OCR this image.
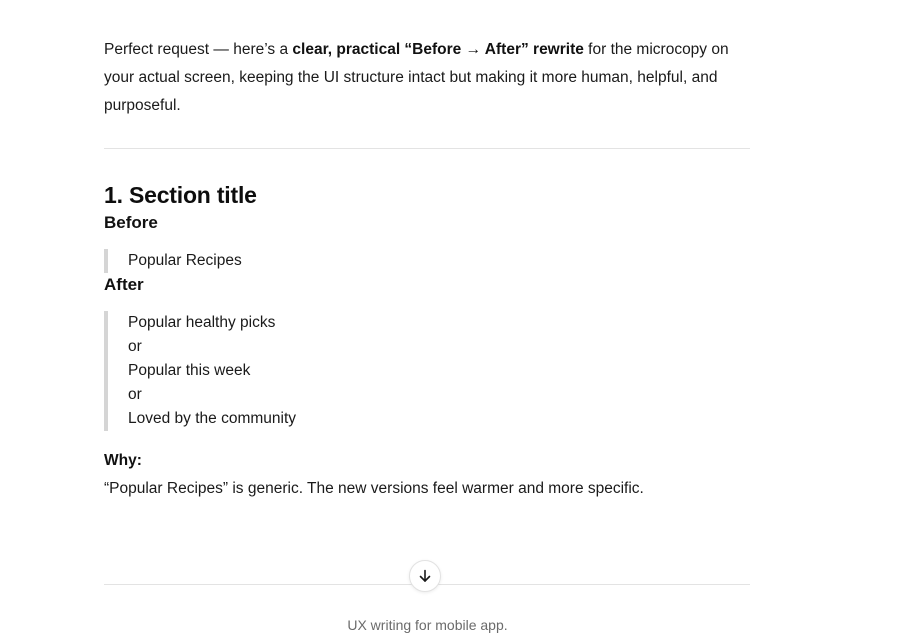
Perfect request — here’s a clear, practical “Before → After” rewrite for the microcopy on your actual screen, keeping the UI structure intact but making it more human, helpful, and purposeful.

1. Section title
Before
Popular Recipes
After
Popular healthy picks
or
Popular this week
or
Loved by the community
Why:
“Popular Recipes” is generic. The new versions feel warmer and more specific.
UX writing for mobile app.
